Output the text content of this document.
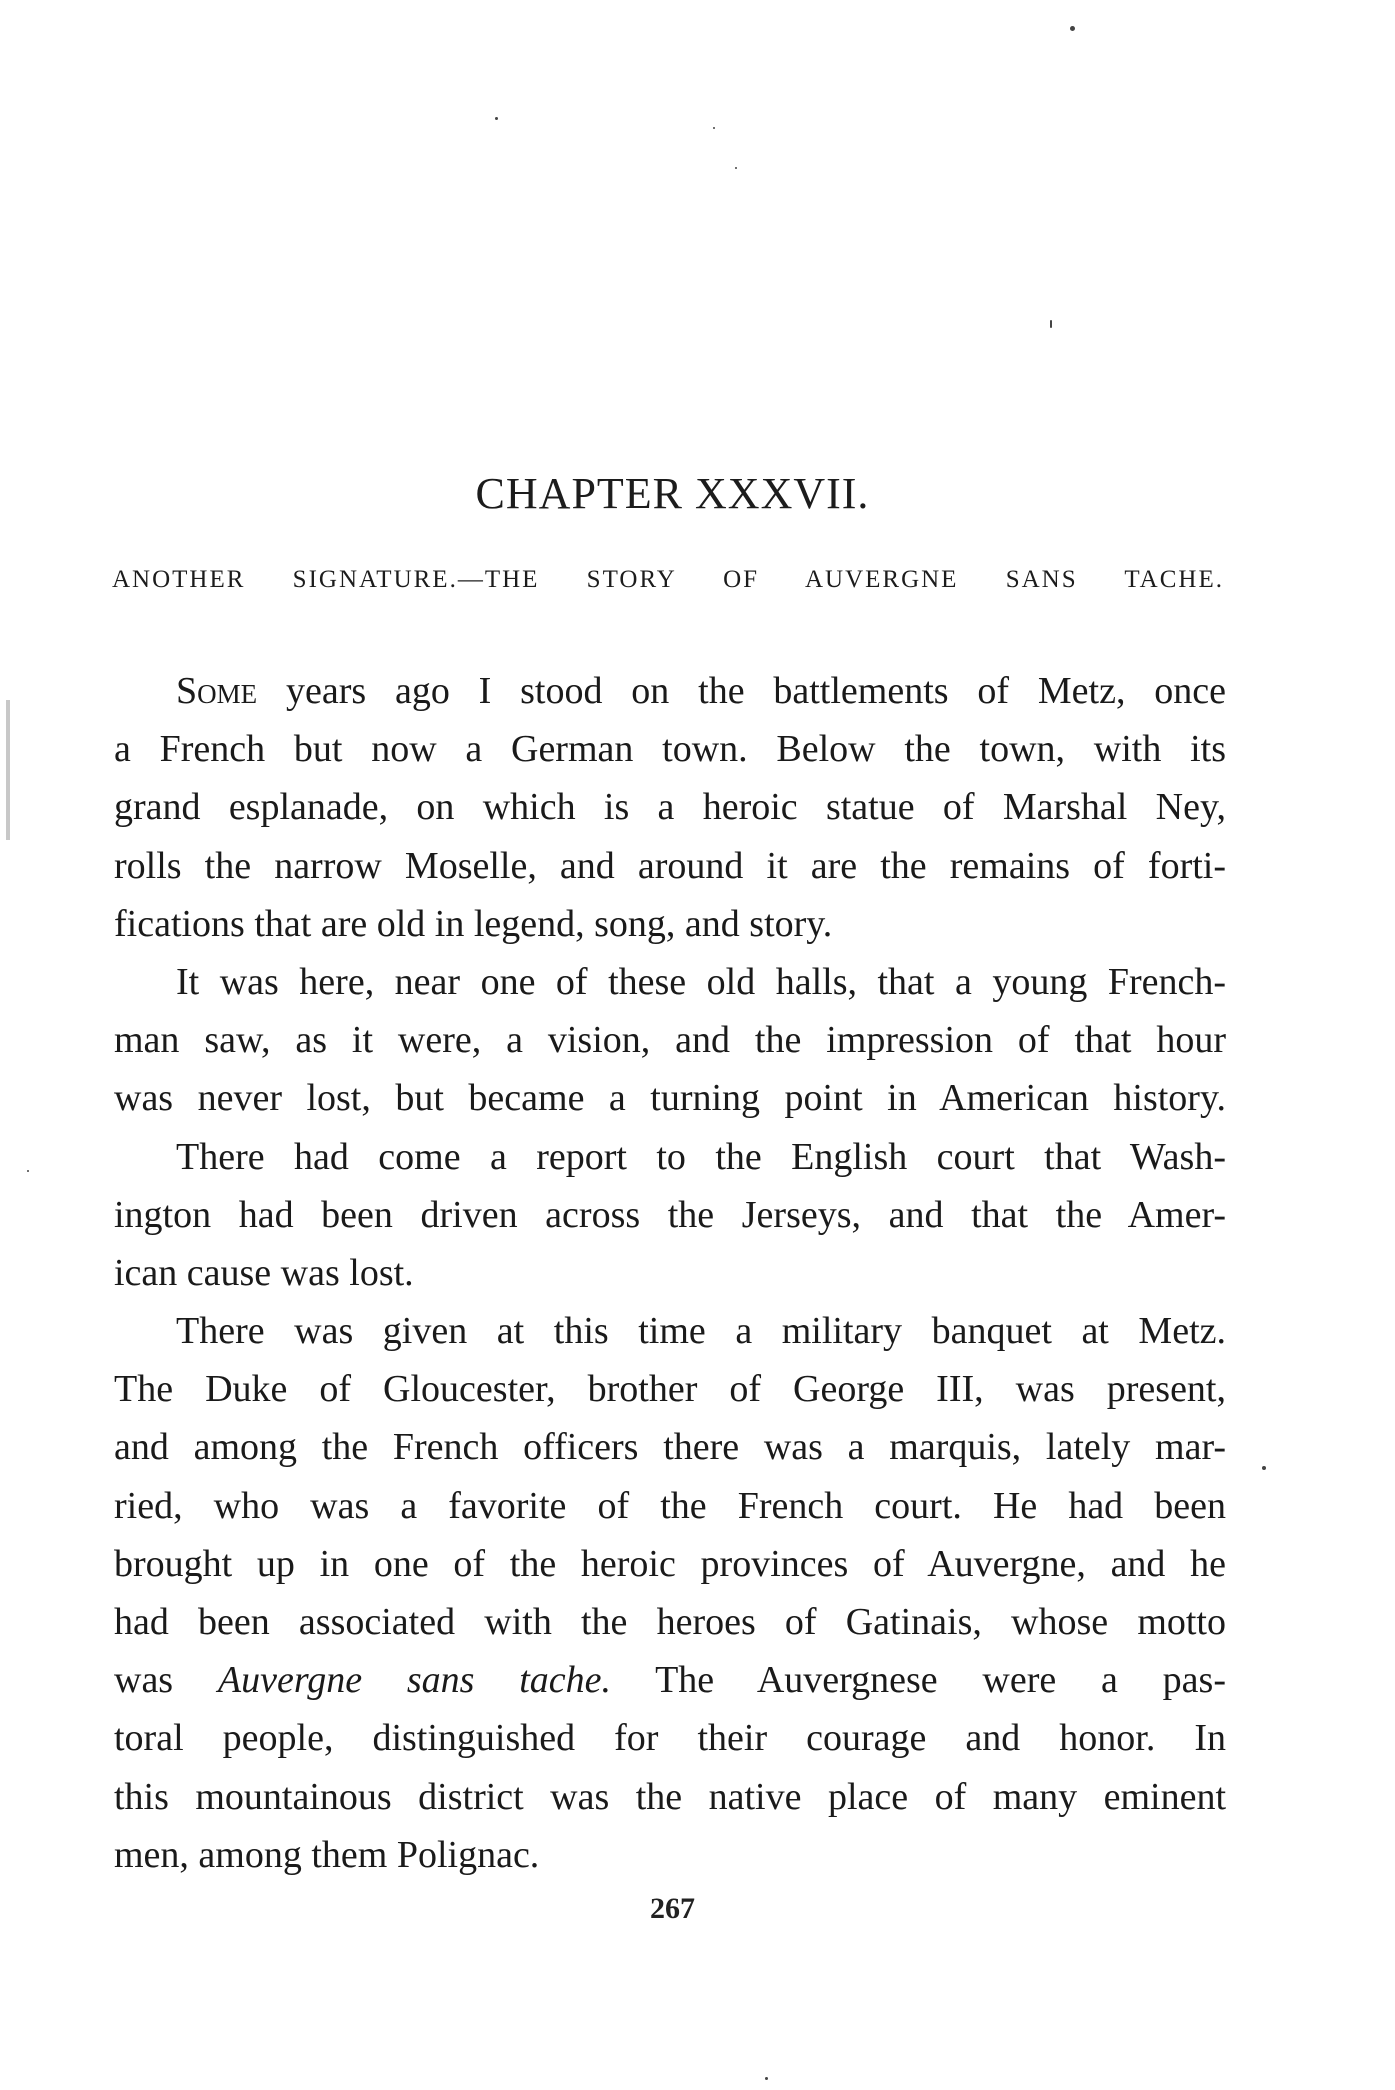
CHAPTER XXXVII.
ANOTHER SIGNATURE.—THE STORY OF AUVERGNE SANS TACHE.
Some years ago I stood on the battlements of Metz, once
a French but now a German town. Below the town, with its
grand esplanade, on which is a heroic statue of Marshal Ney,
rolls the narrow Moselle, and around it are the remains of forti-
fications that are old in legend, song, and story.
It was here, near one of these old halls, that a young French-
man saw, as it were, a vision, and the impression of that hour
was never lost, but became a turning point in American history.
There had come a report to the English court that Wash-
ington had been driven across the Jerseys, and that the Amer-
ican cause was lost.
There was given at this time a military banquet at Metz.
The Duke of Gloucester, brother of George III, was present,
and among the French officers there was a marquis, lately mar-
ried, who was a favorite of the French court. He had been
brought up in one of the heroic provinces of Auvergne, and he
had been associated with the heroes of Gatinais, whose motto
was Auvergne sans tache. The Auvergnese were a pas-
toral people, distinguished for their courage and honor. In
this mountainous district was the native place of many eminent
men, among them Polignac.
267
